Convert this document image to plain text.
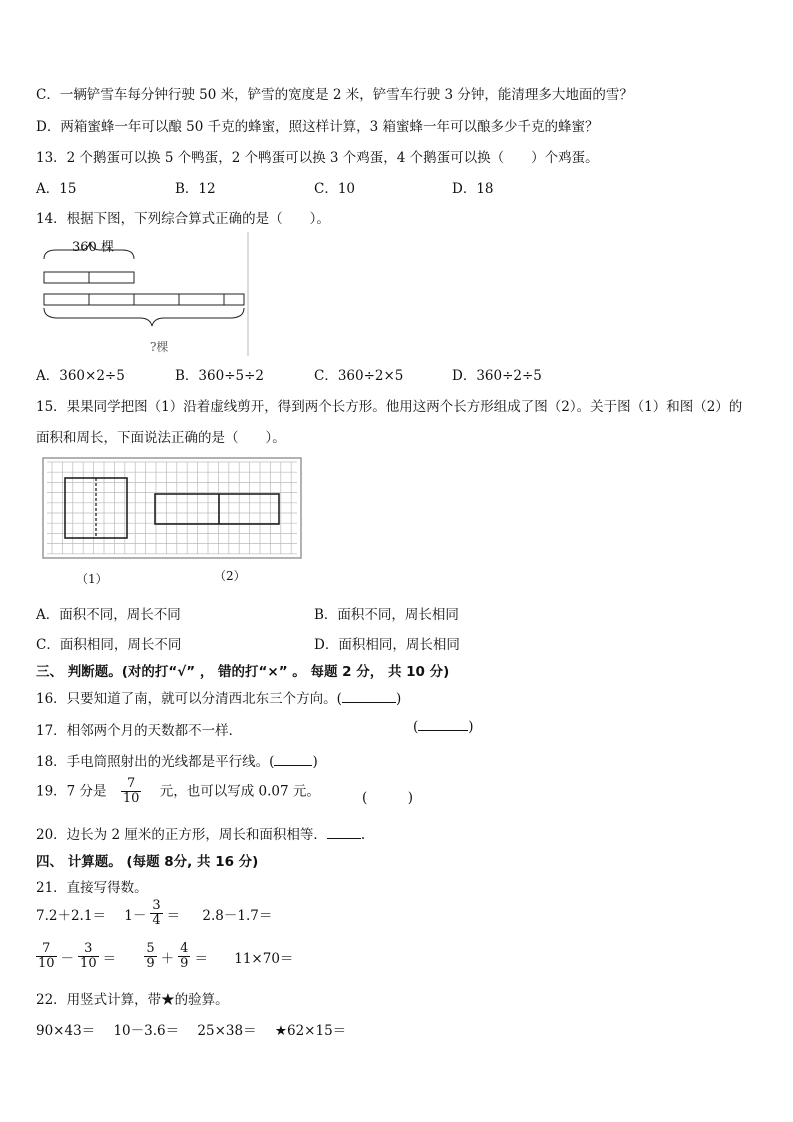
C．一辆铲雪车每分钟行驶 50 米，铲雪的宽度是 2 米，铲雪车行驶 3 分钟，能清理多大地面的雪？
D．两箱蜜蜂一年可以酿 50 千克的蜂蜜，照这样计算，3 箱蜜蜂一年可以酿多少千克的蜂蜜？
13．2 个鹅蛋可以换 5 个鸭蛋，2 个鸭蛋可以换 3 个鸡蛋，4 个鹅蛋可以换（　　）个鸡蛋。
A．15	B．12	C．10	D．18
14．根据下图，下列综合算式正确的是（　　）。
360 棵
?棵
A．360×2÷5	B．360÷5÷2	C．360÷2×5	D．360÷2÷5
15．果果同学把图（1）沿着虚线剪开，得到两个长方形。他用这两个长方形组成了图（2）。关于图（1）和图（2）的
面积和周长，下面说法正确的是（　　）。
（1）	（2）
A．面积不同，周长不同	B．面积不同，周长相同
C．面积相同，周长不同	D．面积相同，周长相同
三、 判断题。(对的打“√” ， 错的打“×” 。 每题 2 分， 共 10 分)
16．只要知道了南，就可以分清西北东三个方向。(	)
17．相邻两个月的天数都不一样．	(	)
18．手电筒照射出的光线都是平行线。(	)
19．7 分是 $\frac{7}{10}$ 元，也可以写成 0.07 元。	(　　　)
20．边长为 2 厘米的正方形，周长和面积相等．	.
四、 计算题。 (每题 8分, 共 16 分)
21．直接写得数。
$7.2+2.1= 1- \frac{3}{4} = 2.8-1.7=$
$\frac{7}{10} - \frac{3}{10} = \frac{5}{9} + \frac{4}{9} = 11\times 70=$
22．用竖式计算，带★的验算。
90×43＝ 10－3.6＝ 25×38＝ ★62×15＝
